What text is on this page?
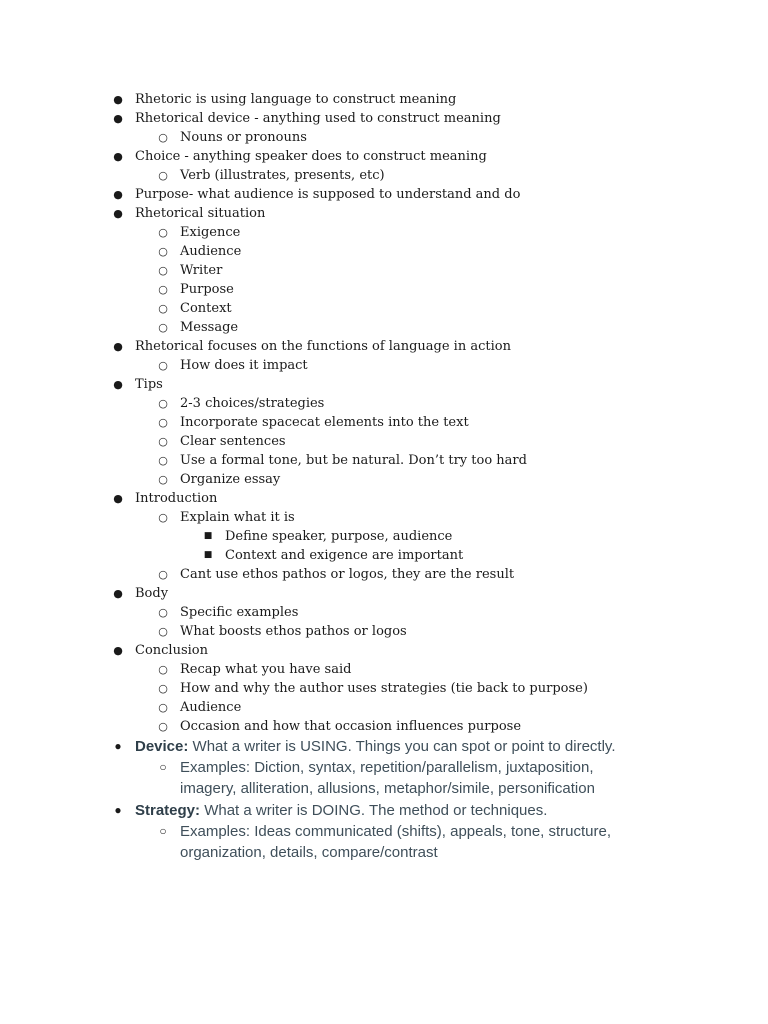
● Rhetoric is using language to construct meaning
● Rhetorical device - anything used to construct meaning
○ Nouns or pronouns
● Choice - anything speaker does to construct meaning
○ Verb (illustrates, presents, etc)
● Purpose- what audience is supposed to understand and do
● Rhetorical situation
○ Exigence
○ Audience
○ Writer
○ Purpose
○ Context
○ Message
● Rhetorical focuses on the functions of language in action
○ How does it impact
● Tips
○ 2-3 choices/strategies
○ Incorporate spacecat elements into the text
○ Clear sentences
○ Use a formal tone, but be natural. Don’t try too hard
○ Organize essay
● Introduction
○ Explain what it is
■ Define speaker, purpose, audience
■ Context and exigence are important
○ Cant use ethos pathos or logos, they are the result
● Body
○ Specific examples
○ What boosts ethos pathos or logos
● Conclusion
○ Recap what you have said
○ How and why the author uses strategies (tie back to purpose)
○ Audience
○ Occasion and how that occasion influences purpose
● Device: What a writer is USING. Things you can spot or point to directly.
○ Examples: Diction, syntax, repetition/parallelism, juxtaposition, imagery, alliteration, allusions, metaphor/simile, personification
● Strategy: What a writer is DOING. The method or techniques.
○ Examples: Ideas communicated (shifts), appeals, tone, structure, organization, details, compare/contrast
